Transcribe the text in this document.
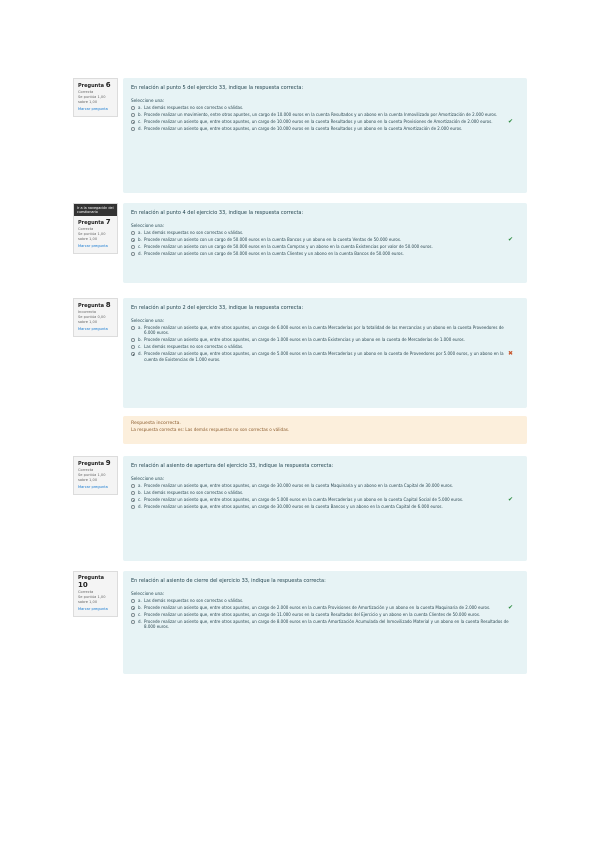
Pregunta 6
Correcta
Se puntúa 1,00 sobre 1,00
Marcar pregunta
En relación al punto 5 del ejercicio 33, indique la respuesta correcta:
Seleccione una:
a. Las demás respuestas no son correctas o válidas.
b. Procede realizar un movimiento, entre otros apuntes, un cargo de 10.000 euros en la cuenta Resultados y un abono en la cuenta Inmovilizado por Amortización de 2.000 euros.
c. Procede realizar un asiento que, entre otros apuntes, un cargo de 10.000 euros en la cuenta Resultados y un abono en la cuenta Provisiones de Amortización de 2.000 euros.	✔
d. Procede realizar un asiento que, entre otros apuntes, un cargo de 10.000 euros en la cuenta Resultados y un abono en la cuenta Amortización de 2.000 euros.
Ir a la navegación del cuestionario
Pregunta 7
Correcta
Se puntúa 1,00 sobre 1,00
Marcar pregunta
En relación al punto 4 del ejercicio 33, indique la respuesta correcta:
Seleccione una:
a. Las demás respuestas no son correctas o válidas.
b. Procede realizar un asiento con un cargo de 50.000 euros en la cuenta Bancos y un abono en la cuenta Ventas de 50.000 euros.	✔
c. Procede realizar un asiento con un cargo de 50.000 euros en la cuenta Compras y un abono en la cuenta Existencias por valor de 50.000 euros.
d. Procede realizar un asiento con un cargo de 50.000 euros en la cuenta Clientes y un abono en la cuenta Bancos de 50.000 euros.
Pregunta 8
Incorrecta
Se puntúa 0,00 sobre 1,00
Marcar pregunta
En relación al punto 2 del ejercicio 33, indique la respuesta correcta:
Seleccione una:
a. Procede realizar un asiento que, entre otros apuntes, un cargo de 6.000 euros en la cuenta Mercaderías por la totalidad de las mercancías y un abono en la cuenta Proveedores de 6.000 euros.
b. Procede realizar un asiento que, entre otros apuntes, un cargo de 1.000 euros en la cuenta Existencias y un abono en la cuenta de Mercaderías de 1.000 euros.
c. Las demás respuestas no son correctas o válidas.
d. Procede realizar un asiento que, entre otros apuntes, un cargo de 5.000 euros en la cuenta Mercaderías y un abono en la cuenta de Proveedores por 5.000 euros, y un abono en la cuenta de Existencias de 1.000 euros.
✖
Respuesta incorrecta.
La respuesta correcta es: Las demás respuestas no son correctas o válidas.
Pregunta 9
Correcta
Se puntúa 1,00 sobre 1,00
Marcar pregunta
En relación al asiento de apertura del ejercicio 33, indique la respuesta correcta:
Seleccione una:
a. Procede realizar un asiento que, entre otros apuntes, un cargo de 30.000 euros en la cuenta Maquinaria y un abono en la cuenta Capital de 30.000 euros.
b. Las demás respuestas no son correctas o válidas.
c. Procede realizar un asiento que, entre otros apuntes, un cargo de 5.000 euros en la cuenta Mercaderías y un abono en la cuenta Capital Social de 5.000 euros.	✔
d. Procede realizar un asiento que, entre otros apuntes, un cargo de 30.000 euros en la cuenta Bancos y un abono en la cuenta Capital de 6.000 euros.
Pregunta 10
Correcta
Se puntúa 1,00 sobre 1,00
Marcar pregunta
En relación al asiento de cierre del ejercicio 33, indique la respuesta correcta:
Seleccione una:
a. Las demás respuestas no son correctas o válidas.
b. Procede realizar un asiento que, entre otros apuntes, un cargo de 2.000 euros en la cuenta Provisiones de Amortización y un abono en la cuenta Maquinaria de 2.000 euros.	✔
c. Procede realizar un asiento que, entre otros apuntes, un cargo de 11.000 euros en la cuenta Resultados del Ejercicio y un abono en la cuenta Clientes de 50.000 euros.
d. Procede realizar un asiento que, entre otros apuntes, un cargo de 8.000 euros en la cuenta Amortización Acumulada del Inmovilizado Material y un abono en la cuenta Resultados de 8.000 euros.
